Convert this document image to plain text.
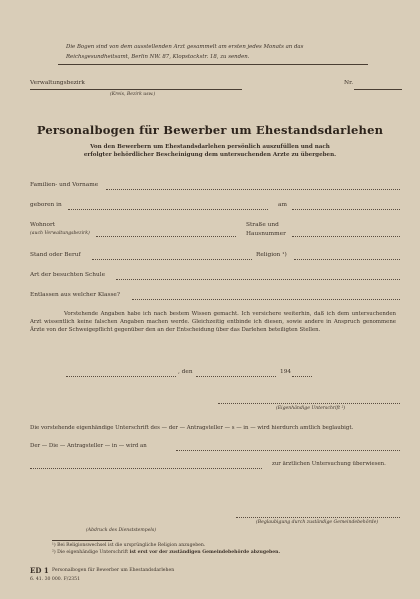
Die Bogen sind von dem ausstellenden Arzt gesammelt am ersten jedes Monats an das
Reichsgesundheitsamt, Berlin NW. 87, Klopstockstr. 18, zu senden.
Verwaltungsbezirk
(Kreis, Bezirk usw.)
Nr.
Personalbogen für Bewerber um Ehestandsdarlehen
Von den Bewerbern um Ehestandsdarlehen persönlich auszufüllen und nach
erfolgter behördlicher Bescheinigung dem untersuchenden Arzte zu übergeben.
Familien- und Vorname
geboren in	am
Wohnort
(auch Verwaltungsbezirk)
Straße und
Hausnummer
Stand oder Beruf	Religion ¹)
Art der besuchten Schule
Entlassen aus welcher Klasse?
Vorstehende Angaben habe ich nach bestem Wissen gemacht. Ich versichere weiterhin, daß ich dem untersuchenden Arzt wissentlich keine falschen Angaben machen werde. Gleichzeitig entbinde ich diesen, sowie andere in Anspruch genommene Ärzte von der Schweigepflicht gegenüber den an der Entscheidung über das Darlehen beteiligten Stellen.
, den	194
(Eigenhändige Unterschrift ²)
Die vorstehende eigenhändige Unterschrift des — der — Antragsteller — s — in — wird hierdurch amtlich beglaubigt.
Der — Die — Antragsteller — in — wird an
zur ärztlichen Untersuchung überwiesen.
(Abdruck des Dienststempels)
(Beglaubigung durch zuständige Gemeindebehörde)
¹) Bei Religionswechsel ist die ursprüngliche Religion anzugeben.
²) Die eigenhändige Unterschrift ist erst vor der zuständigen Gemeindebehörde abzugeben.
ED 1 Personalbogen für Bewerber um Ehestandsdarlehen
6. 41. 30 000. F/2351
